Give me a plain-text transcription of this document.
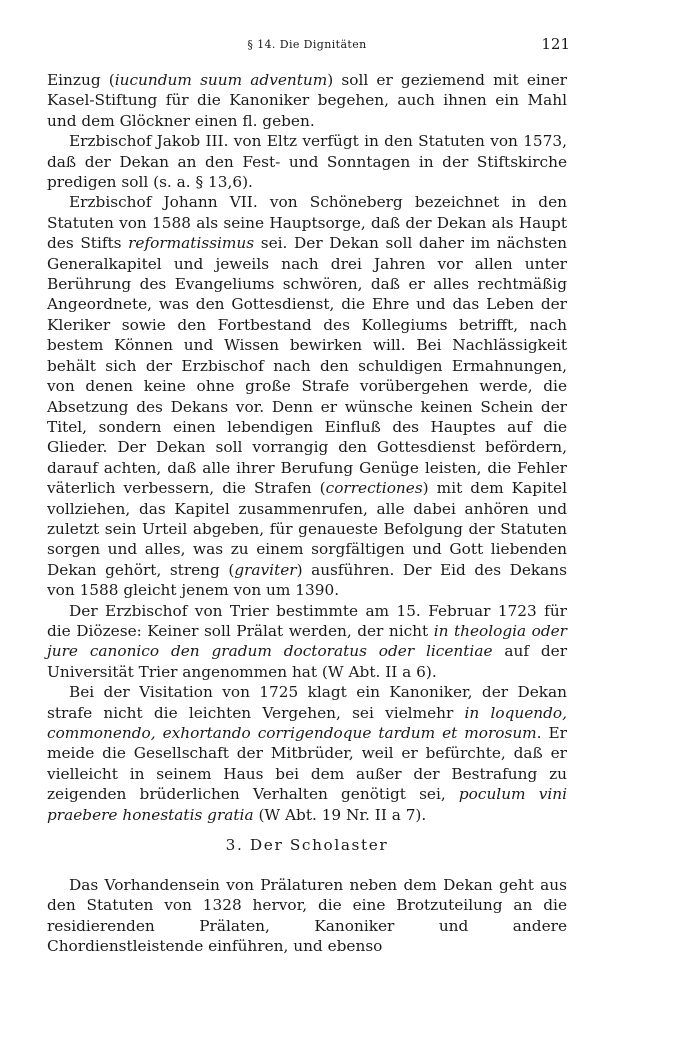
§ 14. Die Dignitäten	121

Einzug (iucundum suum adventum) soll er geziemend mit einer Kasel-Stiftung für die Kanoniker begehen, auch ihnen ein Mahl und dem Glöckner einen fl. geben.

Erzbischof Jakob III. von Eltz verfügt in den Statuten von 1573, daß der Dekan an den Fest- und Sonntagen in der Stiftskirche predigen soll (s. a. § 13,6).

Erzbischof Johann VII. von Schöneberg bezeichnet in den Statuten von 1588 als seine Hauptsorge, daß der Dekan als Haupt des Stifts reformatissimus sei. Der Dekan soll daher im nächsten Generalkapitel und jeweils nach drei Jahren vor allen unter Berührung des Evangeliums schwören, daß er alles rechtmäßig Angeordnete, was den Gottesdienst, die Ehre und das Leben der Kleriker sowie den Fortbestand des Kollegiums betrifft, nach bestem Können und Wissen bewirken will. Bei Nachlässigkeit behält sich der Erzbischof nach den schuldigen Ermahnungen, von denen keine ohne große Strafe vorübergehen werde, die Absetzung des Dekans vor. Denn er wünsche keinen Schein der Titel, sondern einen lebendigen Einfluß des Hauptes auf die Glieder. Der Dekan soll vorrangig den Gottesdienst befördern, darauf achten, daß alle ihrer Berufung Genüge leisten, die Fehler väterlich verbessern, die Strafen (correctiones) mit dem Kapitel vollziehen, das Kapitel zusammenrufen, alle dabei anhören und zuletzt sein Urteil abgeben, für genaueste Befolgung der Statuten sorgen und alles, was zu einem sorgfältigen und Gott liebenden Dekan gehört, streng (graviter) ausführen. Der Eid des Dekans von 1588 gleicht jenem von um 1390.

Der Erzbischof von Trier bestimmte am 15. Februar 1723 für die Diözese: Keiner soll Prälat werden, der nicht in theologia oder jure canonico den gradum doctoratus oder licentiae auf der Universität Trier angenommen hat (W Abt. II a 6).

Bei der Visitation von 1725 klagt ein Kanoniker, der Dekan strafe nicht die leichten Vergehen, sei vielmehr in loquendo, commonendo, exhortando corrigendoque tardum et morosum. Er meide die Gesellschaft der Mitbrüder, weil er befürchte, daß er vielleicht in seinem Haus bei dem außer der Bestrafung zu zeigenden brüderlichen Verhalten genötigt sei, poculum vini praebere honestatis gratia (W Abt. 19 Nr. II a 7).

3. Der Scholaster

Das Vorhandensein von Prälaturen neben dem Dekan geht aus den Statuten von 1328 hervor, die eine Brotzuteilung an die residierenden Prälaten, Kanoniker und andere Chordienstleistende einführen, und ebenso
